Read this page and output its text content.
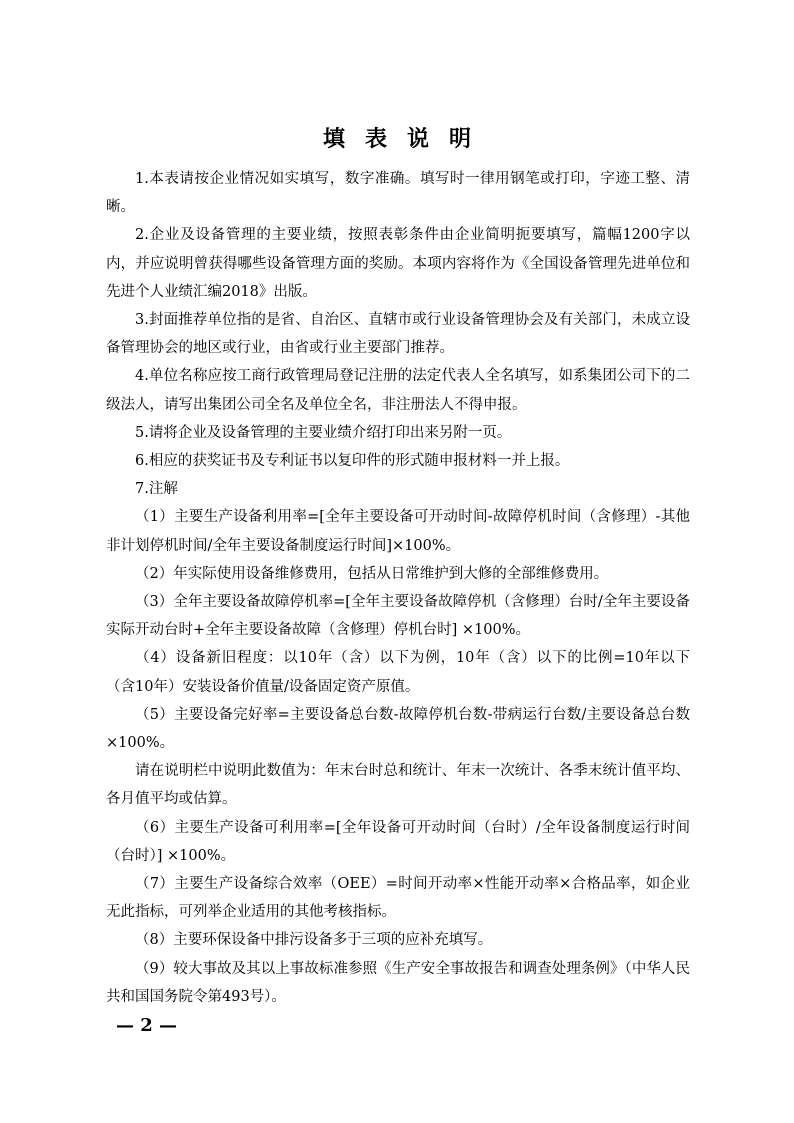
填表说明

1.本表请按企业情况如实填写，数字准确。填写时一律用钢笔或打印，字迹工整、清晰。

2.企业及设备管理的主要业绩，按照表彰条件由企业简明扼要填写，篇幅1200字以内，并应说明曾获得哪些设备管理方面的奖励。本项内容将作为《全国设备管理先进单位和先进个人业绩汇编2018》出版。

3.封面推荐单位指的是省、自治区、直辖市或行业设备管理协会及有关部门，未成立设备管理协会的地区或行业，由省或行业主要部门推荐。

4.单位名称应按工商行政管理局登记注册的法定代表人全名填写，如系集团公司下的二级法人，请写出集团公司全名及单位全名，非注册法人不得申报。

5.请将企业及设备管理的主要业绩介绍打印出来另附一页。

6.相应的获奖证书及专利证书以复印件的形式随申报材料一并上报。

7.注解

（1）主要生产设备利用率=[全年主要设备可开动时间-故障停机时间（含修理）-其他非计划停机时间/全年主要设备制度运行时间]×100%。

（2）年实际使用设备维修费用，包括从日常维护到大修的全部维修费用。

（3）全年主要设备故障停机率=[全年主要设备故障停机（含修理）台时/全年主要设备实际开动台时+全年主要设备故障（含修理）停机台时] ×100%。

（4）设备新旧程度：以10年（含）以下为例，10年（含）以下的比例=10年以下（含10年）安装设备价值量/设备固定资产原值。

（5）主要设备完好率=主要设备总台数-故障停机台数-带病运行台数/主要设备总台数×100%。

请在说明栏中说明此数值为：年末台时总和统计、年末一次统计、各季末统计值平均、各月值平均或估算。

（6）主要生产设备可利用率=[全年设备可开动时间（台时）/全年设备制度运行时间（台时）] ×100%。

（7）主要生产设备综合效率（OEE）=时间开动率×性能开动率×合格品率，如企业无此指标，可列举企业适用的其他考核指标。

（8）主要环保设备中排污设备多于三项的应补充填写。

（9）较大事故及其以上事故标准参照《生产安全事故报告和调查处理条例》（中华人民共和国国务院令第493号）。

— 2 —
